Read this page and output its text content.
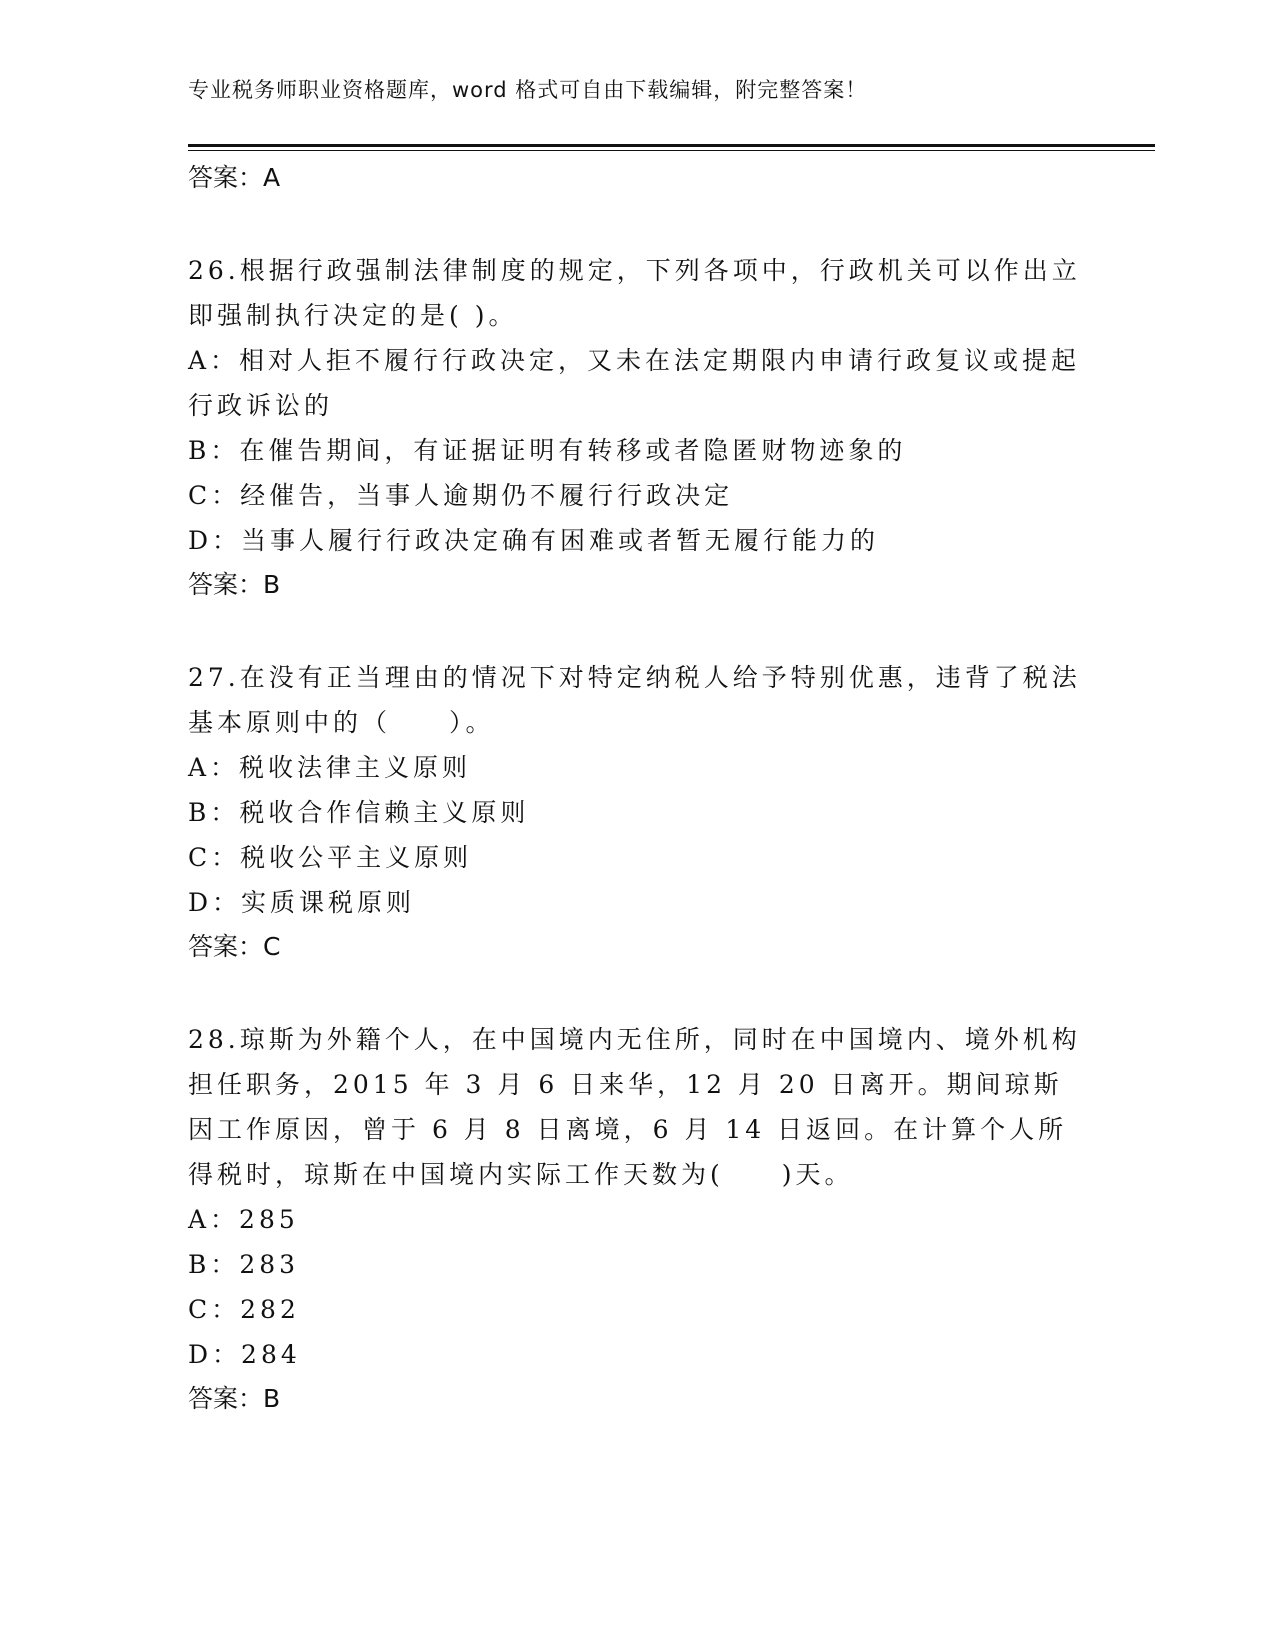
专业税务师职业资格题库，word 格式可自由下载编辑，附完整答案！
答案：A
26.根据行政强制法律制度的规定，下列各项中，行政机关可以作出立即强制执行决定的是( )。
A：相对人拒不履行行政决定，又未在法定期限内申请行政复议或提起行政诉讼的
B：在催告期间，有证据证明有转移或者隐匿财物迹象的
C：经催告，当事人逾期仍不履行行政决定
D：当事人履行行政决定确有困难或者暂无履行能力的
答案：B
27.在没有正当理由的情况下对特定纳税人给予特别优惠，违背了税法基本原则中的（　　）。
A：税收法律主义原则
B：税收合作信赖主义原则
C：税收公平主义原则
D：实质课税原则
答案：C
28.琼斯为外籍个人，在中国境内无住所，同时在中国境内、境外机构担任职务，2015 年 3 月 6 日来华，12 月 20 日离开。期间琼斯因工作原因，曾于 6 月 8 日离境，6 月 14 日返回。在计算个人所得税时，琼斯在中国境内实际工作天数为(　　)天。
A：285
B：283
C：282
D：284
答案：B
